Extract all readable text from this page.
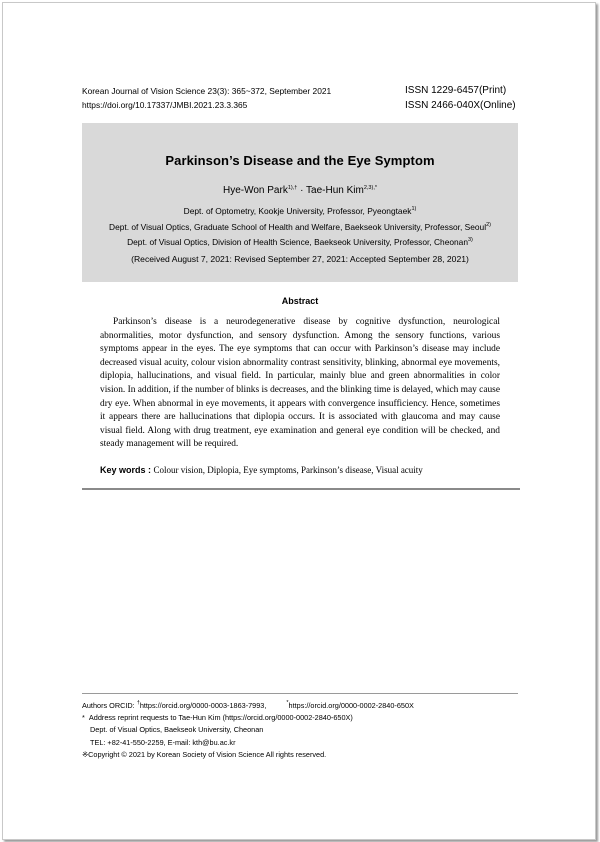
Korean Journal of Vision Science 23(3): 365~372, September 2021
https://doi.org/10.17337/JMBI.2021.23.3.365
ISSN 1229-6457(Print)
ISSN 2466-040X(Online)
Parkinson’s Disease and the Eye Symptom
Hye-Won Park$^{1),\dagger}$ · Tae-Hun Kim$^{2,3),*}$
Dept. of Optometry, Kookje University, Professor, Pyeongtaek$^{1)}$
Dept. of Visual Optics, Graduate School of Health and Welfare, Baekseok University, Professor, Seoul$^{2)}$
Dept. of Visual Optics, Division of Health Science, Baekseok University, Professor, Cheonan$^{3)}$
(Received August 7, 2021: Revised September 27, 2021: Accepted September 28, 2021)
Abstract

Parkinson’s disease is a neurodegenerative disease by cognitive dysfunction, neurological abnormalities, motor dysfunction, and sensory dysfunction. Among the sensory functions, various symptoms appear in the eyes. The eye symptoms that can occur with Parkinson’s disease may include decreased visual acuity, colour vision abnormality contrast sensitivity, blinking, abnormal eye movements, diplopia, hallucinations, and visual field. In particular, mainly blue and green abnormalities in color vision. In addition, if the number of blinks is decreases, and the blinking time is delayed, which may cause dry eye. When abnormal in eye movements, it appears with convergence insufficiency. Hence, sometimes it appears there are hallucinations that diplopia occurs. It is associated with glaucoma and may cause visual field. Along with drug treatment, eye examination and general eye condition will be checked, and steady management will be required.

Key words : Colour vision, Diplopia, Eye symptoms, Parkinson’s disease, Visual acuity
Authors ORCID: †https://orcid.org/0000-0003-1863-7993,	*https://orcid.org/0000-0002-2840-650X
* Address reprint requests to Tae-Hun Kim (https://orcid.org/0000-0002-2840-650X)
Dept. of Visual Optics, Baekseok University, Cheonan
TEL: +82-41-550-2259, E-mail: kth@bu.ac.kr
※Copyright © 2021 by Korean Society of Vision Science All rights reserved.
